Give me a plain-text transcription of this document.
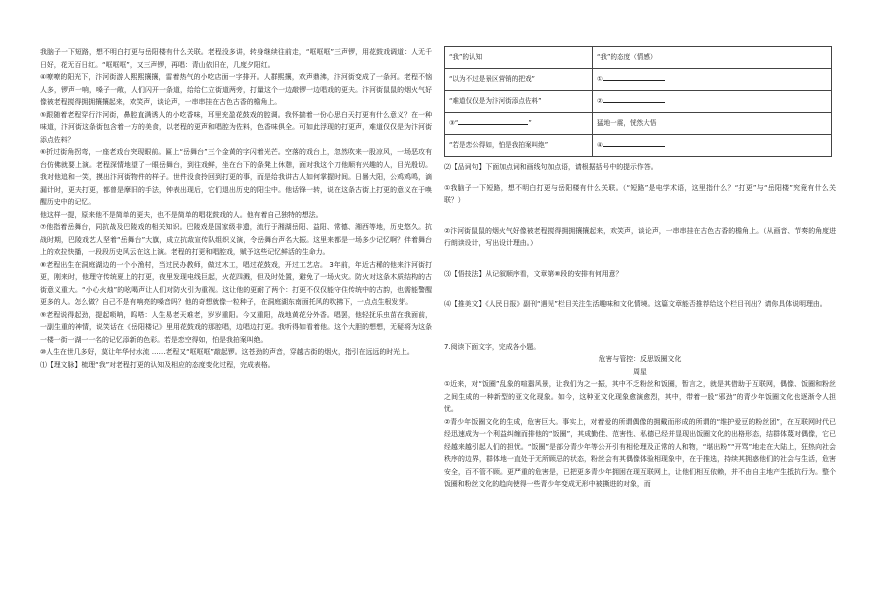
我脑子一下短路，想不明白打更与岳阳楼有什么关联。老程没多讲，转身继续往前走，“哐哐哐”三声锣，用花鼓戏调道：人无千日好，花无百日红。“哐哐哐”，又三声锣，再唱：青山依旧在，几度夕阳红。

④嘹嘹的阳光下，汴河街游人熙熙攘攘，雷着热气的小吃店面一字排开。人群熙攘，欢声鼎沸，汴河街变成了一条河。老程不恼人多，锣声一响，嗓子一敞，人们闪开一条道，给给仁立街道两旁，打量这个一边敲锣一边唱戏的更夫。汴河街鼠鼠的烟火气好像被老程搅得拥拥攘攘起来，欢笑声，谈论声，一串串挂在古色古香的檐角上。

⑤跟随着老程穿行汴河街，鼻腔直满诱人的小吃香味，耳里充盈花鼓戏的腔调。我怀揣着一份心思白天打更有什么意义？在一种味道，汴河街这条街包含着一方的美食，以老程的更声和唱腔为佐料，色香味俱全。可如此浮现的打更声，难道仅仅是为汴河街添点佐料？

⑥折过街角拐弯，一座老戏台突现眼前。匾上“岳舞台”三个金黄的字闪着光芒。空落的戏台上，忽然吹来一股凉风，一场恶攻有台仿佛就要上演。老程深情地望了一眼岳舞台，到往戏鲜，坐在台下的条凳上休憩，面对我这个刀他顺有兴趣的人，目光殷切。我对他追和一笑，摸出汴河街物件的样子。世件没食拎回到打更的事，而是给我讲古人如何掌握时间。日晷大阳，公鸡鸡鸣，滴漏计时，更夫打更，都曾是摩旧的手法，钟表出现后，它们退出历史的阳尘中。他话锋一转，说在这条古街上打更的意义在于唤醒历史中的记忆。

他这样一提，原来他不是简单的更夫，也不是简单的唱花鼓戏的人。他有着自己独特的想法。

⑦他指着岳舞台，同抗战及巴陵戏的相关知识。巴陵戏是国家级非遗，流行于湘湖岳阳、益阳、常德、湘西等地，历史悠久。抗战时期，巴陵戏艺人坚着“岳舞台”大旗，成立抗敌宣传队组织义演，令岳舞台声名大振。这里来都是一场多少记忆啊？伴着舞台上的欢拉快播，一段段历史风云在这上演。老程的打更和唱腔戏，赋予这些记忆鲜活的生命力。

⑧老程出生在洞庭湖边的一个小渔村，当过民办教师，做过木工，唱过花鼓戏，开过工艺店。 3年前，年近古稀的他来汴河街打更，刚来时，他理守传统夏上的打更，夜里发现电线巨起，火花四溅，但及时处置，避免了一场火灾。防火对这条木质结构的古街意义重大。“小心火烛”的吆喝声让人们对防火引为重视。这让他的更耐了两个：打更不仅仅能守住传统中的古韵，也需能警醒更多的人。怎么做？自己不是有响亮的嗓音吗？他的奇想就像一粒种子，在洞庭湖东南面托风的吹拂下，一点点生根发芽。

⑨老程说得起劲，提起唢呐，呜嗒：人生易老天难老，岁岁重阳。今又重阳，战地黄花分外香。唱罢，他轻抚乐虫苗在我面前，一副生重的神情，说笑话在《岳阳楼记》里用花鼓戏的那腔唱，边唱边打更。我听得如看着他。这个大胆的想想，无疑将为这条一楼一街一湖一一名的记忆添新的色彩。若是恋空得如，怕是我拍案叫绝。

⑩人生在世几多好，莫让年华付水流 ……老程又“哐哐哐”敲起锣。这苍劲的声音，穿越古街的烟火，指引在远远的时光上。

⑴【理文脉】梳理“我”对老程打更的认知及相应的态度变化过程，完成表格。

“我”的认知	“我”的态度（情感）
“以为不过是景区营销的把戏”	①
“难道仅仅是为汴河街添点佐料”	②
③“ ”	猛地一震，恍然大悟
“若是恋公得如，怕是我拍案叫绝”	④

⑵【品词句】下面加点词和画线句加点语，请根据括号中的提示作答。

①我脑子一下短路，想不明白打更与岳阳楼有什么关联。（“短路”是电学术语，这里指什么？“打更”与“岳阳楼”究竟有什么关联？）

②汴河街鼠鼠的烟火气好像被老程搅得拥拥攘攘起来，欢笑声，谈论声，一串串挂在古色古香的檐角上。（从画音、节奏的角度进行朗读设计，写出设计理由。）

⑶【悟技法】从记叙顺序看，文章第⑧段的安排有何用意？

⑷【推美文】《人民日报》副刊“遇见”栏目关注生活趣味和文化情境。这篇文章能否推荐给这个栏目刊出？请你具体说明理由。

7.阅读下面文字，完成各小题。

危害与管控：反思饭圈文化

周星

①近来，对“饭圈”乱象的喧嚣风景，让我们为之一振，其中不乏粉丝和饭圈，暂言之，就是其借助于互联网，偶像、饭圈和粉丝之间生成的一种新型的亚文化现象。如今，这种亚文化现象愈演愈烈，其中，带着一股“邪劲”的青少年饭圈文化也逐渐令人担忧。

②青少年饭圈文化的生成，危害巨大。事实上，对着爱的所谓偶像的拥戴而形成的所谓的“维护爱豆的粉丝团”，在互联网时代已经迅速成为一个利益纠缠而排他的“饭圈”，其成勤佳、范害性、私德已经并显现出饭圈文化的出格形态，结群体蔑对偶像，它已经越来越引起人们的担忧。“饭圈”是部分青少年等公开引有相伦理及正常的人和物，“堪出粉”“开骂”地走在大陆上，狂热向社会秩序的边界，群体地一直处于无所顾忌的状态，粉丝会有其偶像体验相现象中，在于推选，持续其拥惑他们的社会与生活，危害安全，百不管不顾。更严重的危害是，已把更多青少年拥困在现互联网上，让他们相互依赖，并不由自主地产生抵抗行为。整个饭圈和粉丝文化的趋向使得一些青少年变成无形中被撕进的对象，而
